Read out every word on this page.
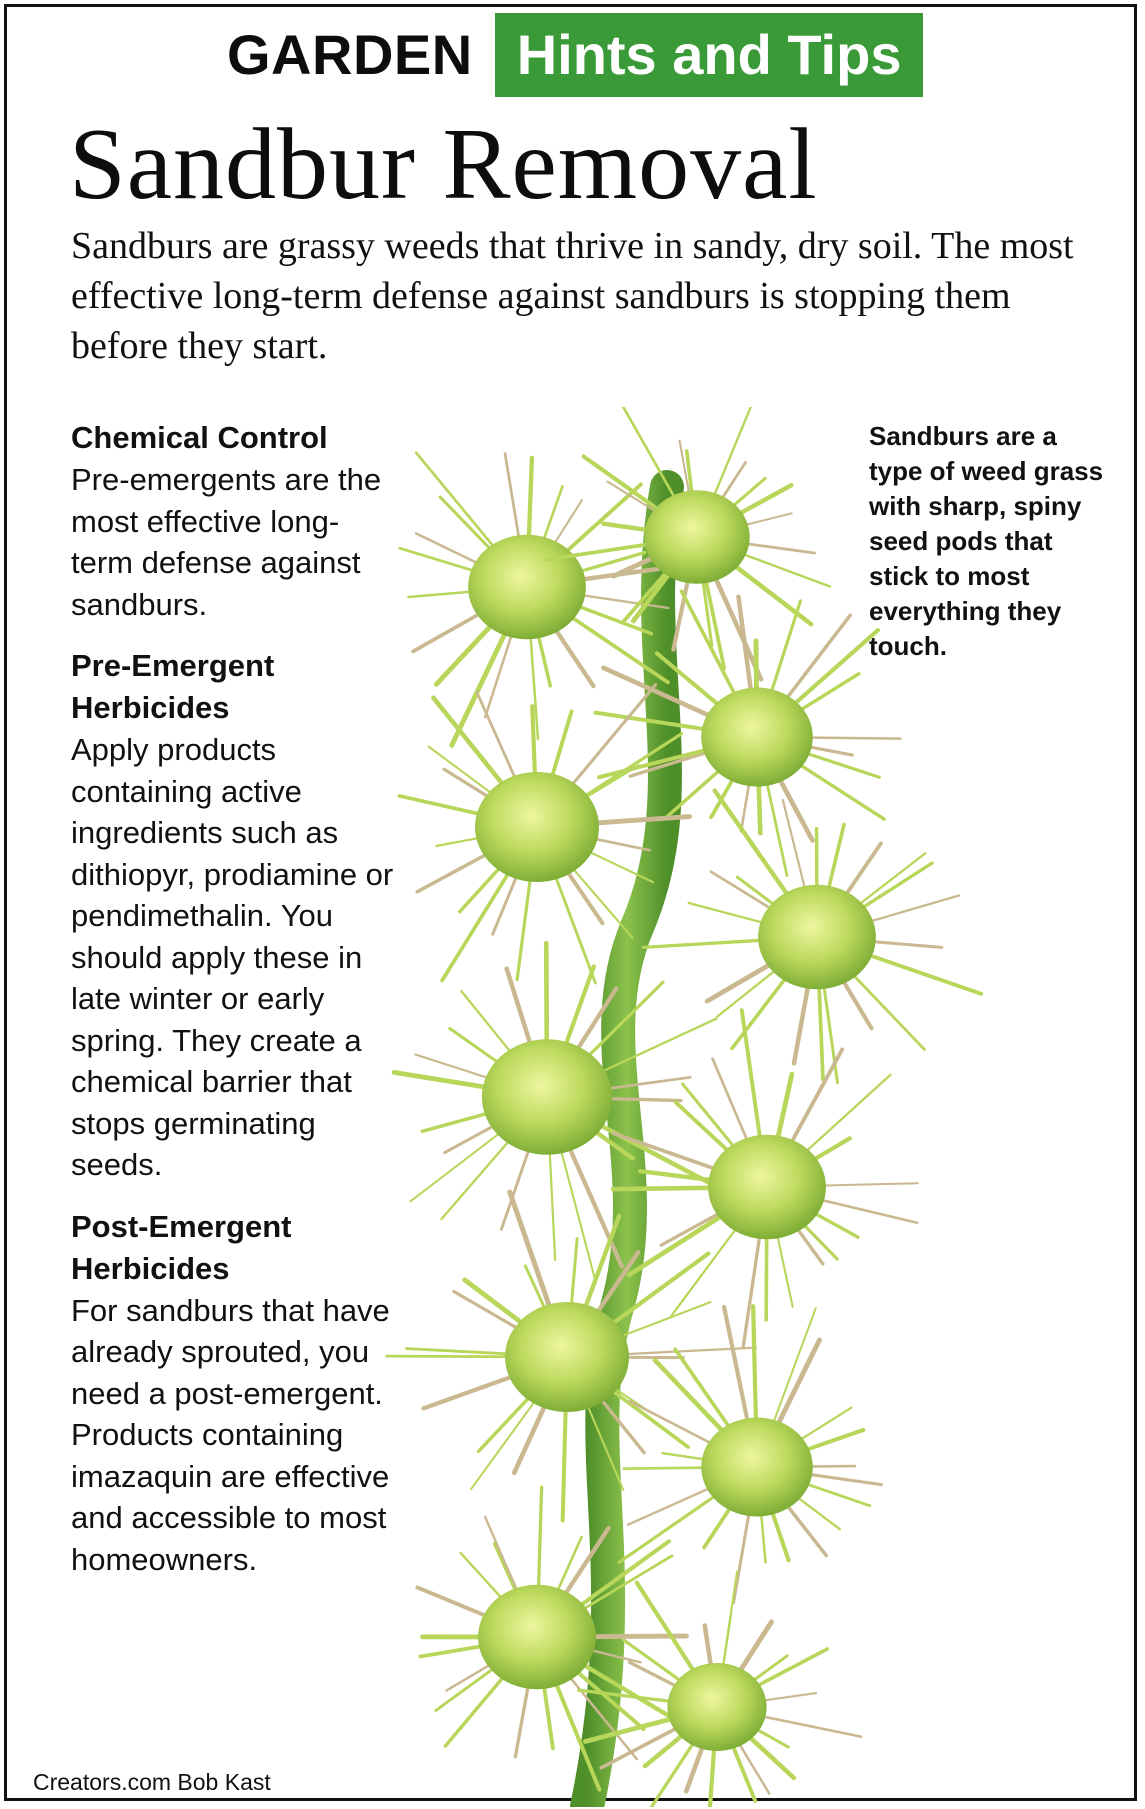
GARDEN Hints and Tips
Sandbur Removal

Sandburs are grassy weeds that thrive in sandy, dry soil. The most effective long-term defense against sandburs is stopping them before they start.

Chemical Control

Pre-emergents are the most effective long-term defense against sandburs.

Pre-Emergent Herbicides

Apply products containing active ingredients such as dithiopyr, prodiamine or pendimethalin. You should apply these in late winter or early spring. They create a chemical barrier that stops germinating seeds.

Post-Emergent Herbicides

For sandburs that have already sprouted, you need a post-emergent. Products containing imazaquin are effective and accessible to most homeowners.

Sandburs are a type of weed grass with sharp, spiny seed pods that stick to most everything they touch.

Creators.com Bob Kast
